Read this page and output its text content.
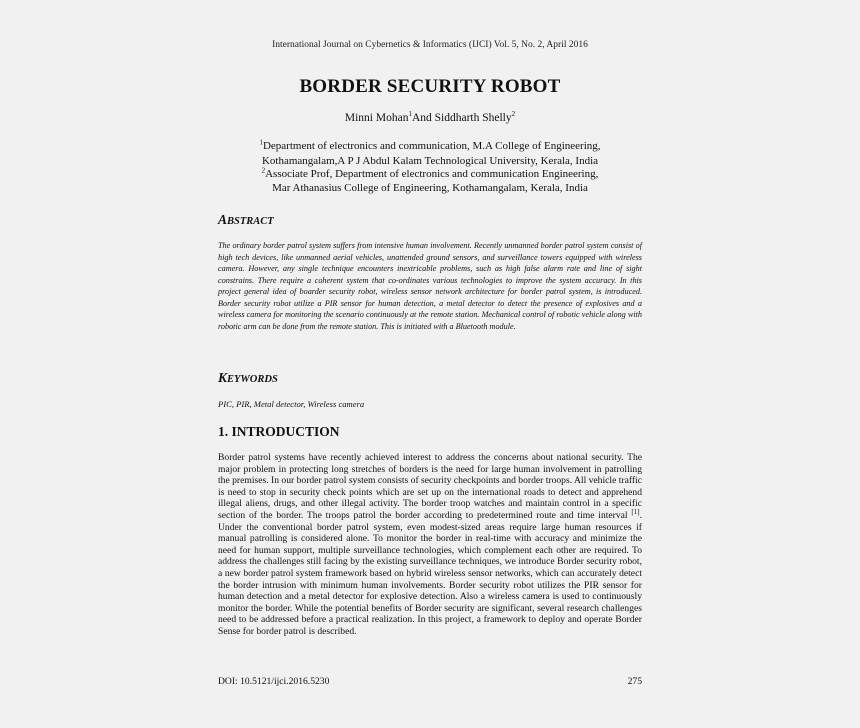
International Journal on Cybernetics & Informatics (IJCI) Vol. 5, No. 2, April 2016
BORDER SECURITY ROBOT
Minni Mohan$^1$And Siddharth Shelly$^2$
$^1$Department of electronics and communication, M.A College of Engineering,
Kothamangalam,A P J Abdul Kalam Technological University, Kerala, India
$^2$Associate Prof, Department of electronics and communication Engineering,
Mar Athanasius College of Engineering, Kothamangalam, Kerala, India
ABSTRACT
The ordinary border patrol system suffers from intensive human involvement. Recently unmanned border patrol system consist of high tech devices, like unmanned aerial vehicles, unattended ground sensors, and surveillance towers equipped with wireless camera. However, any single technique encounters inextricable problems, such as high false alarm rate and line of sight constrains. There require a coherent system that co-ordinates various technologies to improve the system accuracy. In this project general idea of boarder security robot, wireless sensor network architecture for border patrol system, is introduced. Border security robot utilize a PIR sensor for human detection, a metal detector to detect the presence of explosives and a wireless camera for monitoring the scenario continuously at the remote station. Mechanical control of robotic vehicle along with robotic arm can be done from the remote station. This is initiated with a Bluetooth module.
KEYWORDS
PIC, PIR, Metal detector, Wireless camera
1. INTRODUCTION
Border patrol systems have recently achieved interest to address the concerns about national security. The major problem in protecting long stretches of borders is the need for large human involvement in patrolling the premises. In our border patrol system consists of security checkpoints and border troops. All vehicle traffic is need to stop in security check points which are set up on the international roads to detect and apprehend illegal aliens, drugs, and other illegal activity. The border troop watches and maintain control in a specific section of the border. The troops patrol the border according to predetermined route and time interval [1]. Under the conventional border patrol system, even modest-sized areas require large human resources if manual patrolling is considered alone. To monitor the border in real-time with accuracy and minimize the need for human support, multiple surveillance technologies, which complement each other are required. To address the challenges still facing by the existing surveillance techniques, we introduce Border security robot, a new border patrol system framework based on hybrid wireless sensor networks, which can accurately detect the border intrusion with minimum human involvements. Border security robot utilizes the PIR sensor for human detection and a metal detector for explosive detection. Also a wireless camera is used to continuously monitor the border. While the potential benefits of Border security are significant, several research challenges need to be addressed before a practical realization. In this project, a framework to deploy and operate Border Sense for border patrol is described.
DOI: 10.5121/ijci.2016.5230	275
